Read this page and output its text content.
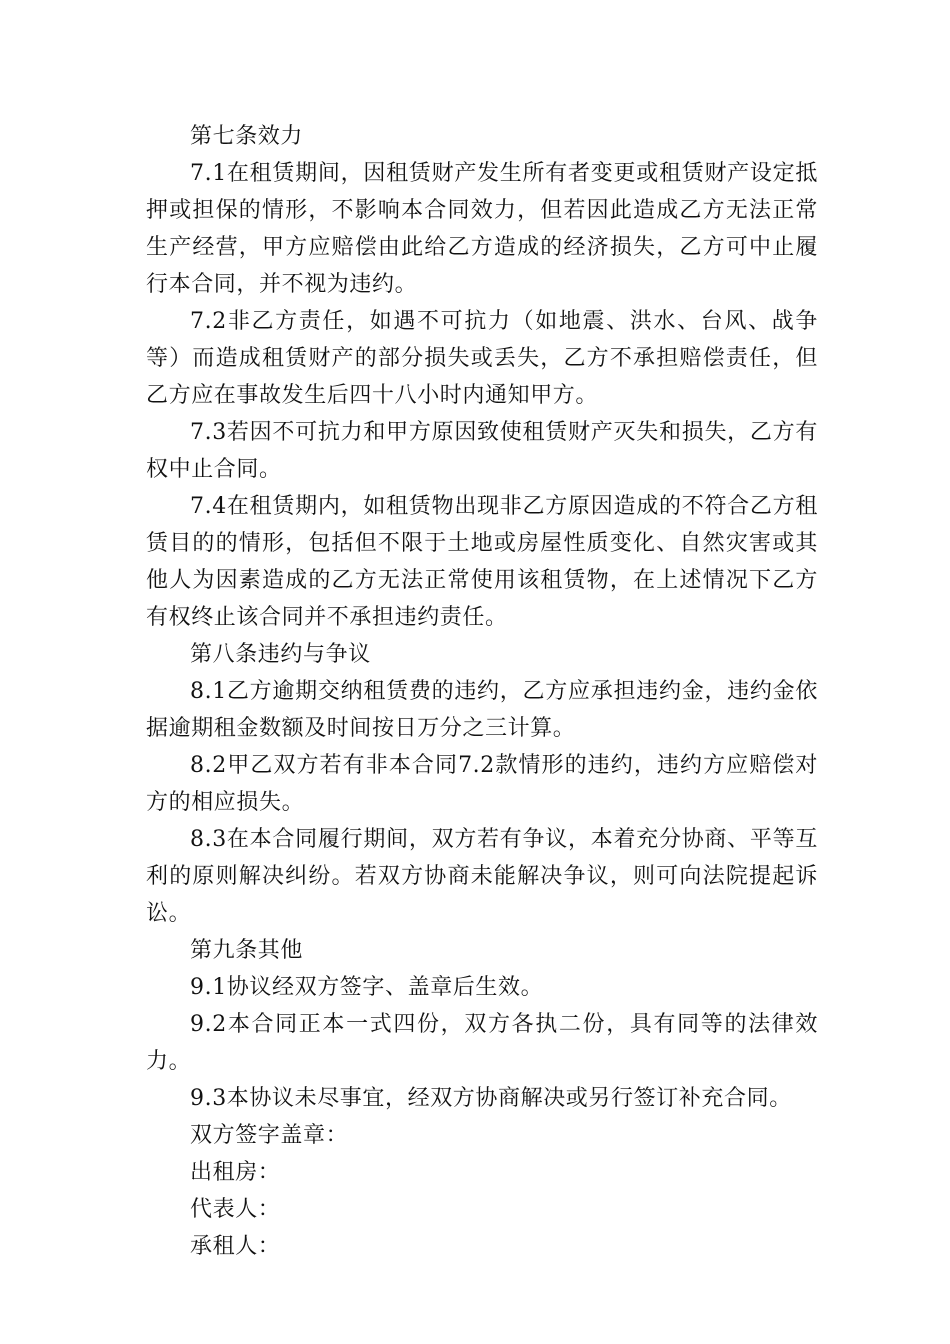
第七条效力

7.1在租赁期间，因租赁财产发生所有者变更或租赁财产设定抵押或担保的情形，不影响本合同效力，但若因此造成乙方无法正常生产经营，甲方应赔偿由此给乙方造成的经济损失，乙方可中止履行本合同，并不视为违约。

7.2非乙方责任，如遇不可抗力（如地震、洪水、台风、战争等）而造成租赁财产的部分损失或丢失，乙方不承担赔偿责任，但乙方应在事故发生后四十八小时内通知甲方。

7.3若因不可抗力和甲方原因致使租赁财产灭失和损失，乙方有权中止合同。

7.4在租赁期内，如租赁物出现非乙方原因造成的不符合乙方租赁目的的情形，包括但不限于土地或房屋性质变化、自然灾害或其他人为因素造成的乙方无法正常使用该租赁物，在上述情况下乙方有权终止该合同并不承担违约责任。

第八条违约与争议

8.1乙方逾期交纳租赁费的违约，乙方应承担违约金，违约金依据逾期租金数额及时间按日万分之三计算。

8.2甲乙双方若有非本合同7.2款情形的违约，违约方应赔偿对方的相应损失。

8.3在本合同履行期间，双方若有争议，本着充分协商、平等互利的原则解决纠纷。若双方协商未能解决争议，则可向法院提起诉讼。

第九条其他

9.1协议经双方签字、盖章后生效。

9.2本合同正本一式四份，双方各执二份，具有同等的法律效力。

9.3本协议未尽事宜，经双方协商解决或另行签订补充合同。

双方签字盖章：

出租房：

代表人：

承租人：
